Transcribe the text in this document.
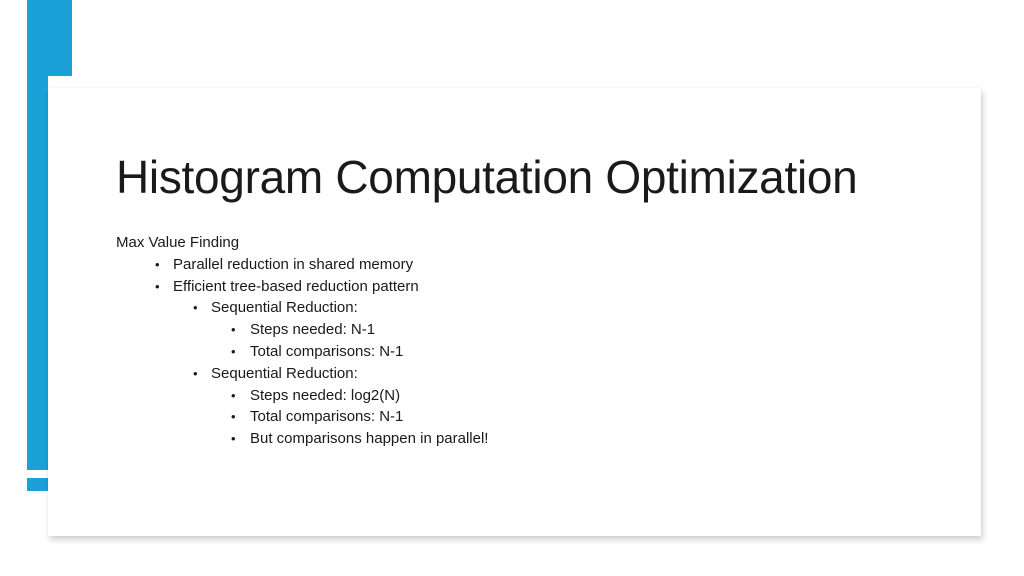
Histogram Computation Optimization
Max Value Finding
• Parallel reduction in shared memory
• Efficient tree-based reduction pattern
• Sequential Reduction:
• Steps needed: N-1
• Total comparisons: N-1
• Sequential Reduction:
• Steps needed: log2(N)
• Total comparisons: N-1
• But comparisons happen in parallel!
